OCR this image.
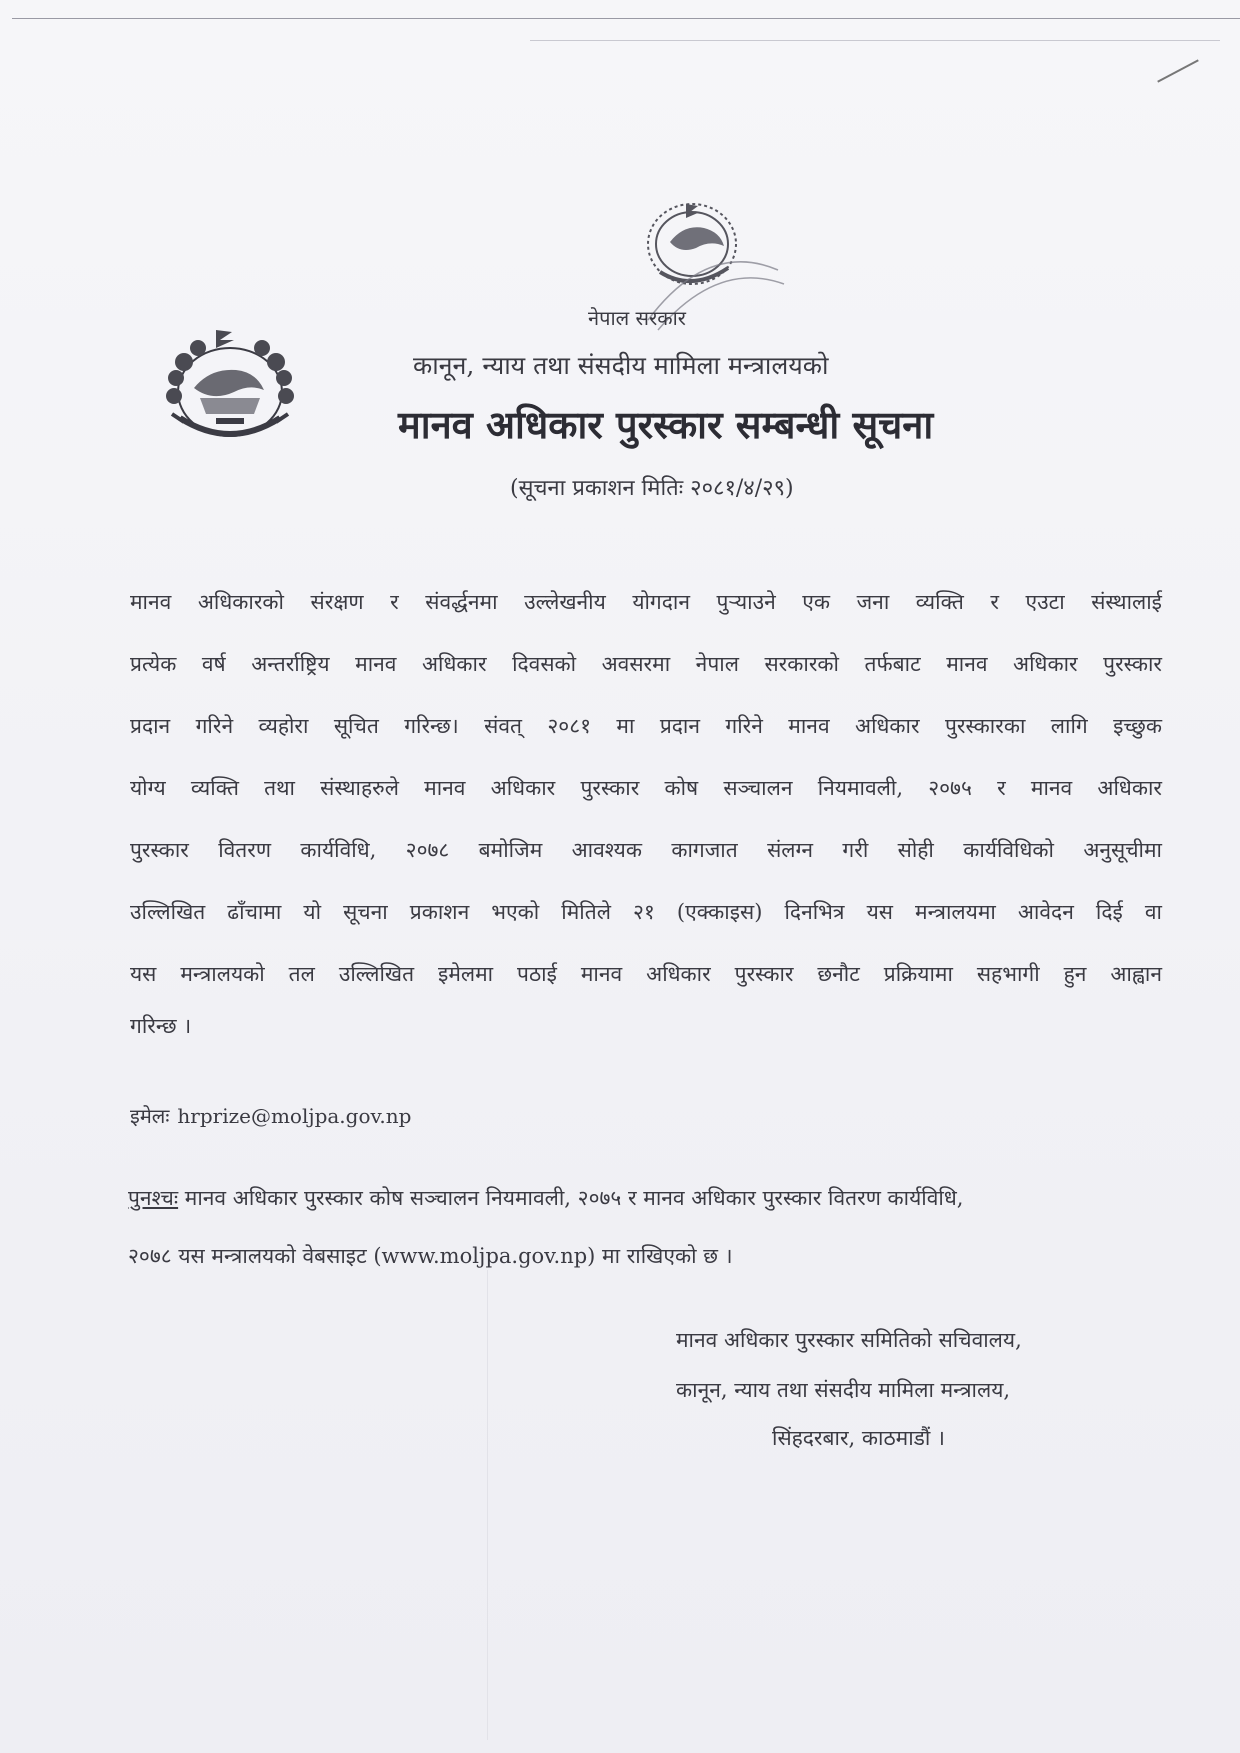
नेपाल सरकार
कानून, न्याय तथा संसदीय मामिला मन्त्रालयको
मानव अधिकार पुरस्कार सम्बन्धी सूचना
(सूचना प्रकाशन मितिः २०८१/४/२९)
मानव अधिकारको संरक्षण र संवर्द्धनमा उल्लेखनीय योगदान पुऱ्याउने एक जना व्यक्ति र एउटा संस्थालाई
प्रत्येक वर्ष अन्तर्राष्ट्रिय मानव अधिकार दिवसको अवसरमा नेपाल सरकारको तर्फबाट मानव अधिकार पुरस्कार
प्रदान गरिने व्यहोरा सूचित गरिन्छ। संवत् २०८१ मा प्रदान गरिने मानव अधिकार पुरस्कारका लागि इच्छुक
योग्य व्यक्ति तथा संस्थाहरुले मानव अधिकार पुरस्कार कोष सञ्चालन नियमावली, २०७५ र मानव अधिकार
पुरस्कार वितरण कार्यविधि, २०७८ बमोजिम आवश्यक कागजात संलग्न गरी सोही कार्यविधिको अनुसूचीमा
उल्लिखित ढाँचामा यो सूचना प्रकाशन भएको मितिले २१ (एक्काइस) दिनभित्र यस मन्त्रालयमा आवेदन दिई वा
यस मन्त्रालयको तल उल्लिखित इमेलमा पठाई मानव अधिकार पुरस्कार छनौट प्रक्रियामा सहभागी हुन आह्वान
गरिन्छ ।
इमेलः hrprize@moljpa.gov.np
पुनश्चः मानव अधिकार पुरस्कार कोष सञ्चालन नियमावली, २०७५ र मानव अधिकार पुरस्कार वितरण कार्यविधि,
२०७८ यस मन्त्रालयको वेबसाइट (www.moljpa.gov.np) मा राखिएको छ ।
मानव अधिकार पुरस्कार समितिको सचिवालय,
कानून, न्याय तथा संसदीय मामिला मन्त्रालय,
सिंहदरबार, काठमाडौं ।
